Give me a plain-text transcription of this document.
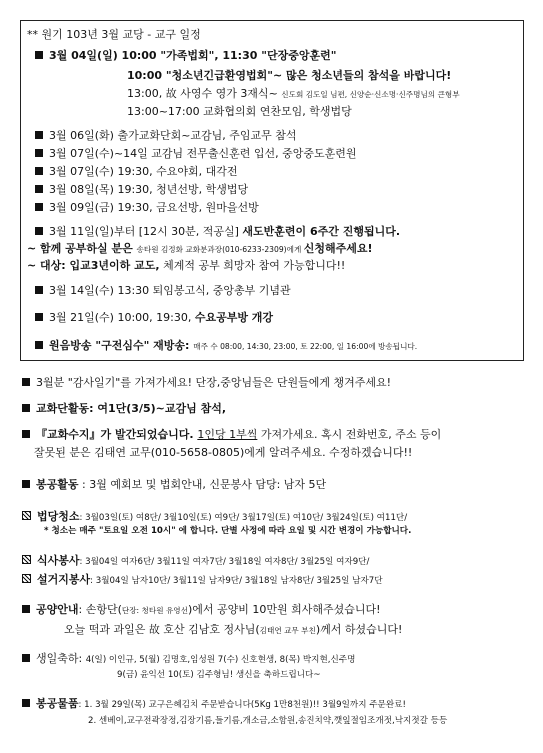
** 원기 103년 3월 교당 - 교구 일정
3월 04일(일) 10:00 "가족법회", 11:30 "단장중앙훈련"
10:00 "청소년긴급환영법회"~ 많은 청소년들의 참석을 바랍니다!
13:00, 故 사영수 영가 3재식~ 신도회 김도일 님편, 신양순·신소명·신주명님의 큰형부
13:00~17:00 교화협의회 연찬모임, 학생법당
3월 06일(화) 출가교화단회~교감님, 주임교무 참석
3월 07일(수)~14일 교감님 전무출신훈련 입선, 중앙중도훈련원
3월 07일(수) 19:30, 수요야회, 대각전
3월 08일(목) 19:30, 청년선방, 학생법당
3월 09일(금) 19:30, 금요선방, 원마을선방
3월 11일(일)부터 [12시 30분, 적공실] 새도반훈련이 6주간 진행됩니다.
~ 함께 공부하실 분은 송타원 김정화 교화분과장(010-6233-2309)에게 신청해주세요!
~ 대상: 입교3년이하 교도, 체계적 공부 희망자 참여 가능합니다!!
3월 14일(수) 13:30 퇴임봉고식, 중앙총부 기념관
3월 21일(수) 10:00, 19:30, 수요공부방 개강
원음방송 "구전심수" 재방송: 매주 수 08:00, 14:30, 23:00, 토 22:00, 일 16:00에 방송됩니다.
3월분 "감사일기"를 가져가세요! 단장,중앙님들은 단원들에게 챙겨주세요!
교화단활동: 여1단(3/5)~교감님 참석,
『교화수지』가 발간되었습니다. 1인당 1부씩 가져가세요. 혹시 전화번호, 주소 등이
잘못된 분은 김태연 교무(010-5658-0805)에게 알려주세요. 수정하겠습니다!!
봉공활동 : 3월 예회보 및 법회안내, 신문봉사 담당: 남자 5단
법당청소: 3월03일(토) 여8단/ 3월10일(토) 여9단/ 3월17일(토) 여10단/ 3월24일(토) 여11단/
* 청소는 매주 "토요일 오전 10시" 에 합니다. 단별 사정에 따라 요일 및 시간 변경이 가능합니다.
식사봉사: 3월04일 여자6단/ 3월11일 여자7단/ 3월18일 여자8단/ 3월25일 여자9단/
설거지봉사: 3월04일 남자10단/ 3월11일 남자9단/ 3월18일 남자8단/ 3월25일 남자7단
공양안내: 손항단(단장: 청타원 유영선)에서 공양비 10만원 희사해주셨습니다!
오늘 떡과 과일은 故 호산 김남호 정사님(김태연 교무 부친)께서 하셨습니다!
생일축하: 4(일) 이인규, 5(월) 김명호,임성원 7(수) 신호현생, 8(목) 박지현,신주명
9(금) 윤익선 10(토) 김주형님! 생신을 축하드립니다~
봉공물품: 1. 3월 29일(목) 교구은혜김치 주문받습니다(5Kg 1만8천원)!! 3월9일까지 주문완료!
2. 센베이,교구전곽장정,김장기름,들기름,개소금,소함원,송진치약,깻잎절임조개젓,낙지젓갈 등등
